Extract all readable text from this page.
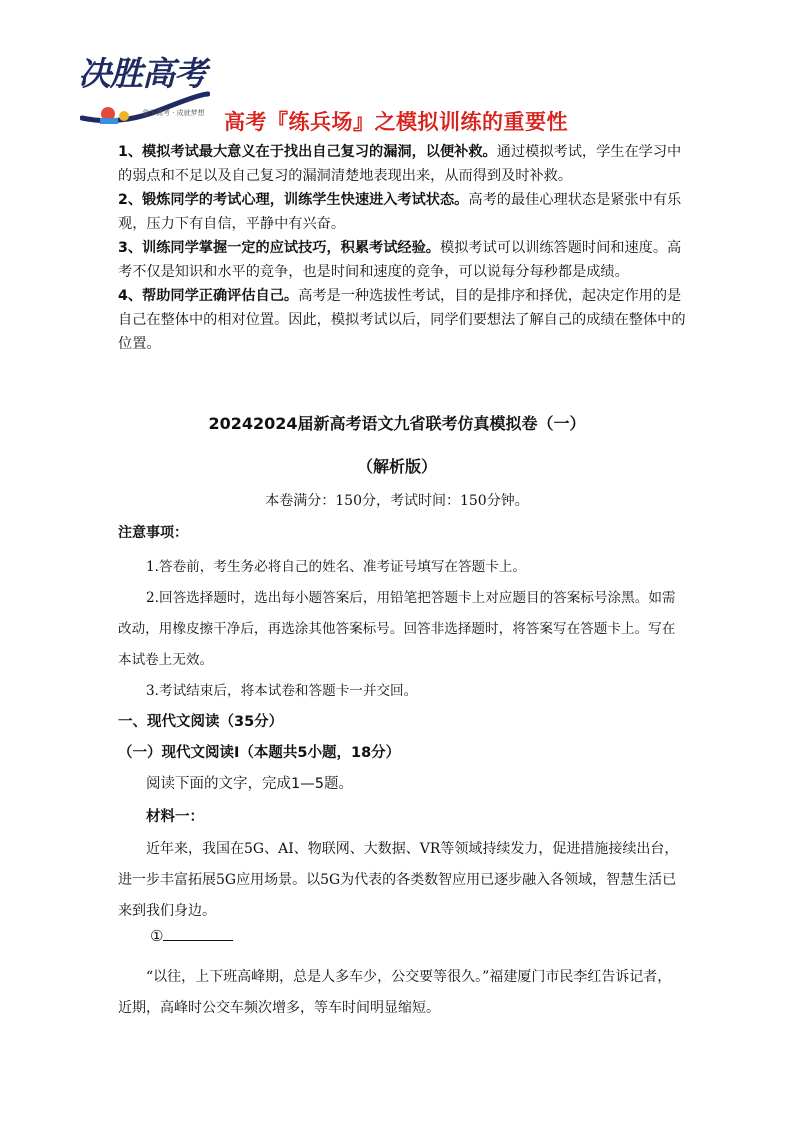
决胜高考
拿下高考 · 成就梦想 高考『练兵场』之模拟训练的重要性

1、模拟考试最大意义在于找出自己复习的漏洞，以便补救。通过模拟考试，学生在学习中的弱点和不足以及自己复习的漏洞清楚地表现出来，从而得到及时补救。

2、锻炼同学的考试心理，训练学生快速进入考试状态。高考的最佳心理状态是紧张中有乐观，压力下有自信，平静中有兴奋。

3、训练同学掌握一定的应试技巧，积累考试经验。模拟考试可以训练答题时间和速度。高考不仅是知识和水平的竞争，也是时间和速度的竞争，可以说每分每秒都是成绩。

4、帮助同学正确评估自己。高考是一种选拔性考试，目的是排序和择优，起决定作用的是自己在整体中的相对位置。因此，模拟考试以后，同学们要想法了解自己的成绩在整体中的位置。

20242024届新高考语文九省联考仿真模拟卷（一）
（解析版）
本卷满分：150分，考试时间：150分钟。
注意事项：

1.答卷前，考生务必将自己的姓名、准考证号填写在答题卡上。

2.回答选择题时，选出每小题答案后，用铅笔把答题卡上对应题目的答案标号涂黑。如需改动，用橡皮擦干净后，再选涂其他答案标号。回答非选择题时，将答案写在答题卡上。写在本试卷上无效。

3.考试结束后，将本试卷和答题卡一并交回。

一、现代文阅读（35分）
（一）现代文阅读Ⅰ（本题共5小题，18分）
阅读下面的文字，完成1—5题。
材料一：

近年来，我国在5G、AI、物联网、大数据、VR等领域持续发力，促进措施接续出台，进一步丰富拓展5G应用场景。以5G为代表的各类数智应用已逐步融入各领域，智慧生活已来到我们身边。

①

“以往，上下班高峰期，总是人多车少，公交要等很久。”福建厦门市民李红告诉记者，近期，高峰时公交车频次增多，等车时间明显缩短。
